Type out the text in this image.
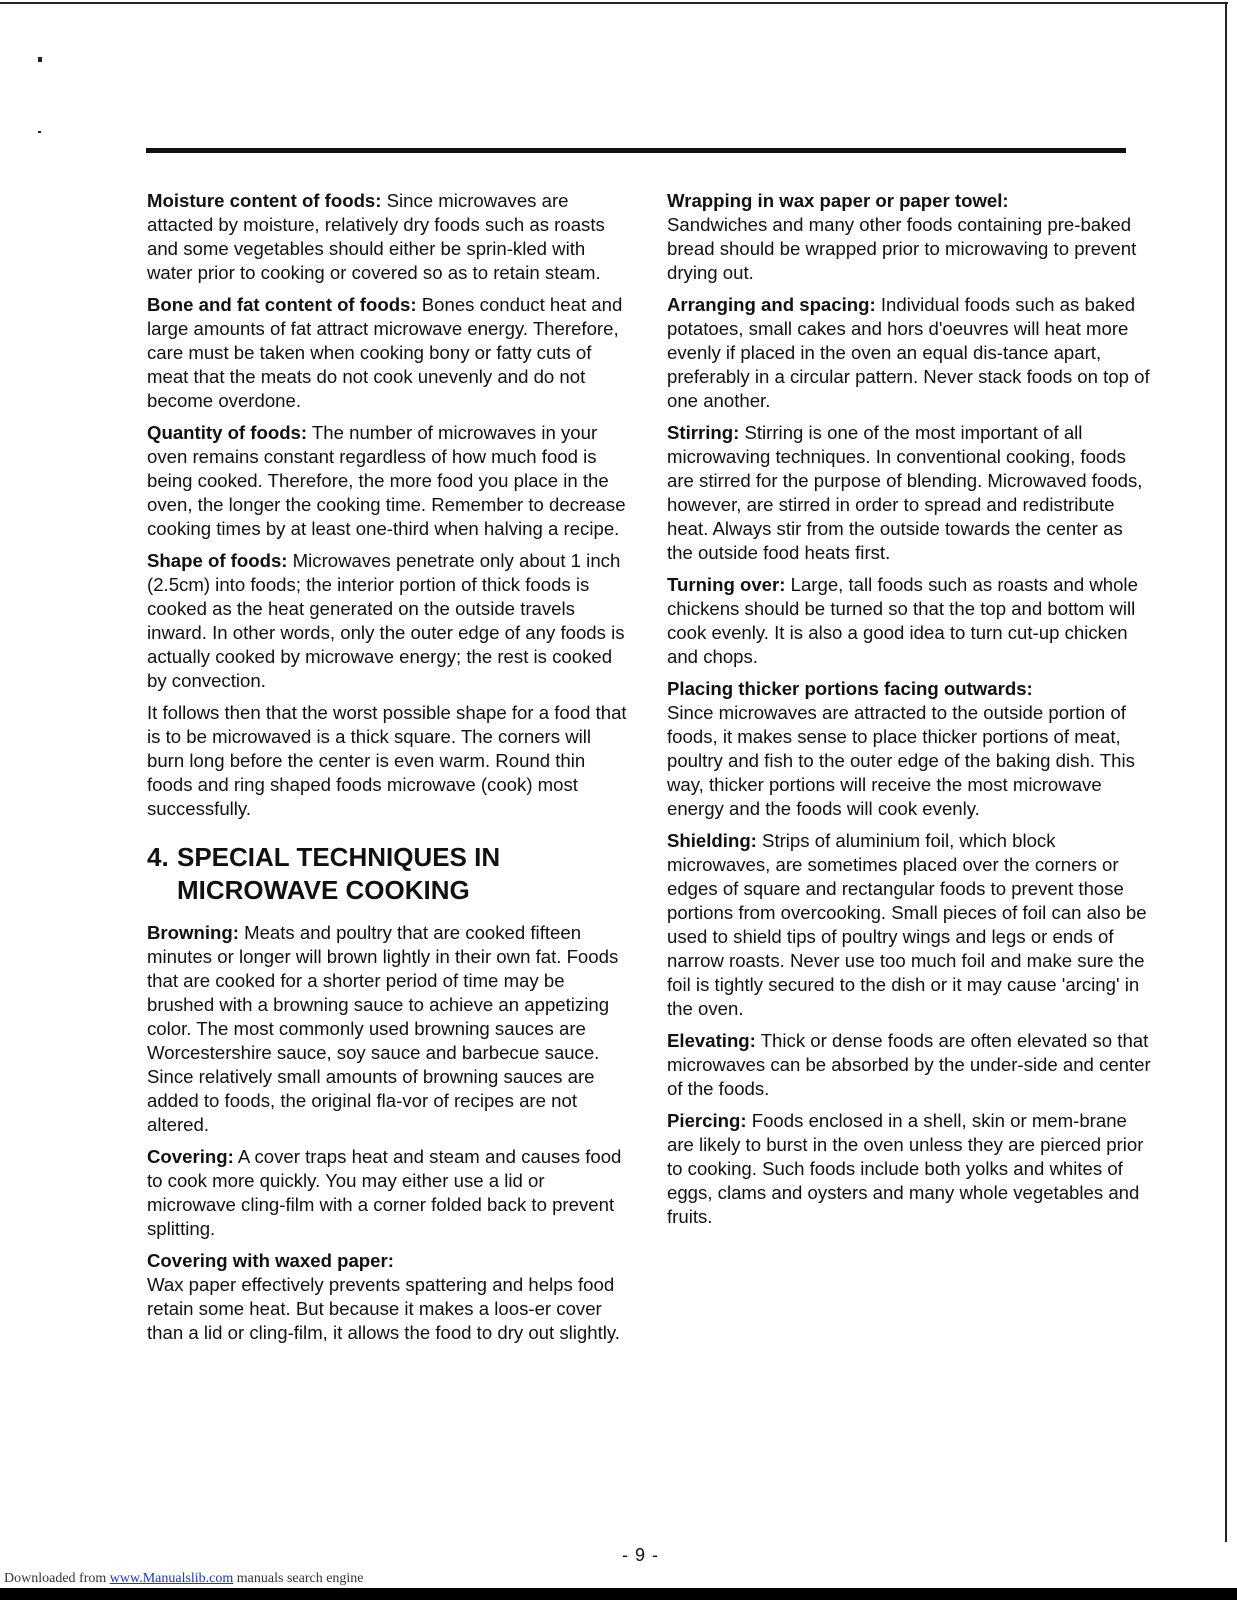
Moisture content of foods: Since microwaves are attacted by moisture, relatively dry foods such as roasts and some vegetables should either be sprin-kled with water prior to cooking or covered so as to retain steam.

Bone and fat content of foods: Bones conduct heat and large amounts of fat attract microwave energy. Therefore, care must be taken when cooking bony or fatty cuts of meat that the meats do not cook unevenly and do not become overdone.

Quantity of foods: The number of microwaves in your oven remains constant regardless of how much food is being cooked. Therefore, the more food you place in the oven, the longer the cooking time. Remember to decrease cooking times by at least one-third when halving a recipe.

Shape of foods: Microwaves penetrate only about 1 inch (2.5cm) into foods; the interior portion of thick foods is cooked as the heat generated on the outside travels inward. In other words, only the outer edge of any foods is actually cooked by microwave energy; the rest is cooked by convection.

It follows then that the worst possible shape for a food that is to be microwaved is a thick square. The corners will burn long before the center is even warm. Round thin foods and ring shaped foods microwave (cook) most successfully.

4. SPECIAL TECHNIQUES IN MICROWAVE COOKING

Browning: Meats and poultry that are cooked fifteen minutes or longer will brown lightly in their own fat. Foods that are cooked for a shorter period of time may be brushed with a browning sauce to achieve an appetizing color. The most commonly used browning sauces are Worcestershire sauce, soy sauce and barbecue sauce. Since relatively small amounts of browning sauces are added to foods, the original fla-vor of recipes are not altered.

Covering: A cover traps heat and steam and causes food to cook more quickly. You may either use a lid or microwave cling-film with a corner folded back to prevent splitting.

Covering with waxed paper:
Wax paper effectively prevents spattering and helps food retain some heat. But because it makes a loos-er cover than a lid or cling-film, it allows the food to dry out slightly.

Wrapping in wax paper or paper towel:
Sandwiches and many other foods containing pre-baked bread should be wrapped prior to microwaving to prevent drying out.

Arranging and spacing: Individual foods such as baked potatoes, small cakes and hors d'oeuvres will heat more evenly if placed in the oven an equal dis-tance apart, preferably in a circular pattern. Never stack foods on top of one another.

Stirring: Stirring is one of the most important of all microwaving techniques. In conventional cooking, foods are stirred for the purpose of blending. Microwaved foods, however, are stirred in order to spread and redistribute heat. Always stir from the outside towards the center as the outside food heats first.

Turning over: Large, tall foods such as roasts and whole chickens should be turned so that the top and bottom will cook evenly. It is also a good idea to turn cut-up chicken and chops.

Placing thicker portions facing outwards:
Since microwaves are attracted to the outside portion of foods, it makes sense to place thicker portions of meat, poultry and fish to the outer edge of the baking dish. This way, thicker portions will receive the most microwave energy and the foods will cook evenly.

Shielding: Strips of aluminium foil, which block microwaves, are sometimes placed over the corners or edges of square and rectangular foods to prevent those portions from overcooking. Small pieces of foil can also be used to shield tips of poultry wings and legs or ends of narrow roasts. Never use too much foil and make sure the foil is tightly secured to the dish or it may cause 'arcing' in the oven.

Elevating: Thick or dense foods are often elevated so that microwaves can be absorbed by the under-side and center of the foods.

Piercing: Foods enclosed in a shell, skin or mem-brane are likely to burst in the oven unless they are pierced prior to cooking. Such foods include both yolks and whites of eggs, clams and oysters and many whole vegetables and fruits.

- 9 -
Downloaded from www.Manualslib.com manuals search engine
